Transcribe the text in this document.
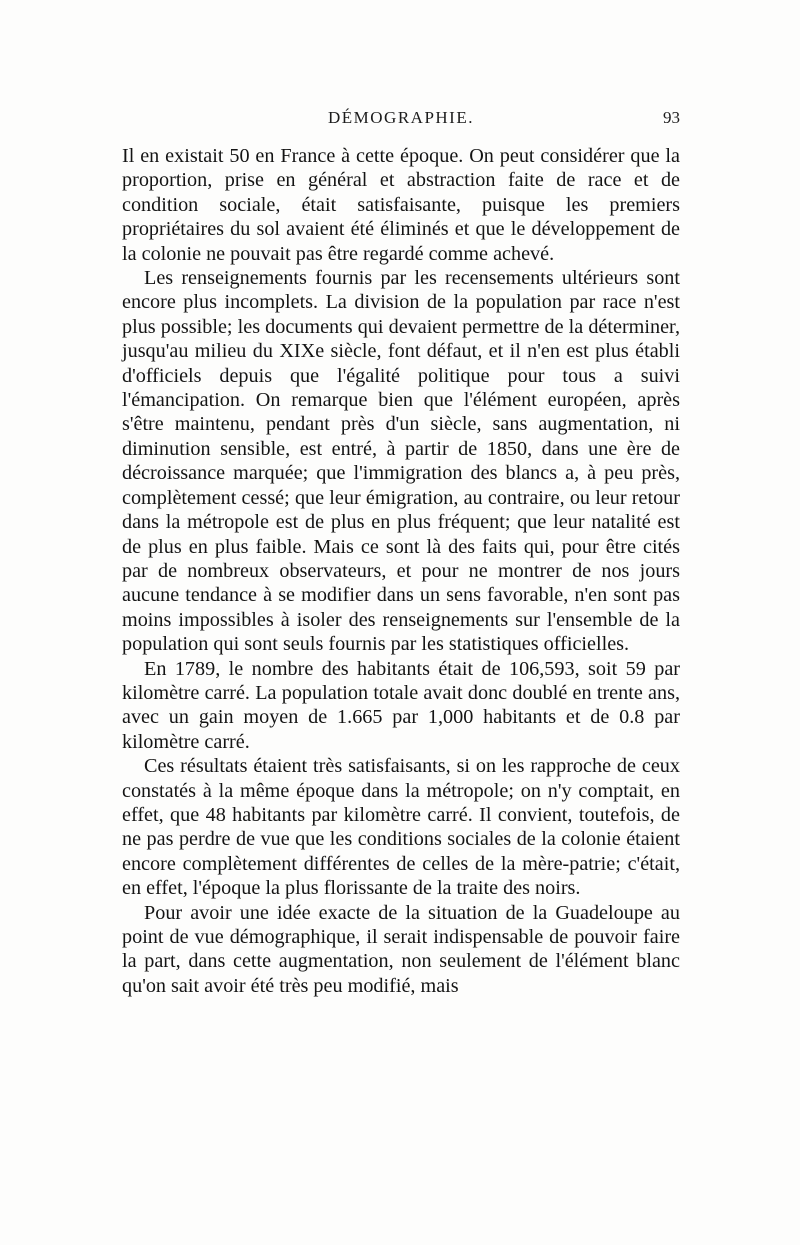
DÉMOGRAPHIE.	93

Il en existait 50 en France à cette époque. On peut considérer que la proportion, prise en général et abstraction faite de race et de condition sociale, était satisfaisante, puisque les premiers propriétaires du sol avaient été éliminés et que le développement de la colonie ne pouvait pas être regardé comme achevé.

Les renseignements fournis par les recensements ultérieurs sont encore plus incomplets. La division de la population par race n'est plus possible; les documents qui devaient permettre de la déterminer, jusqu'au milieu du XIXe siècle, font défaut, et il n'en est plus établi d'officiels depuis que l'égalité politique pour tous a suivi l'émancipation. On remarque bien que l'élément européen, après s'être maintenu, pendant près d'un siècle, sans augmentation, ni diminution sensible, est entré, à partir de 1850, dans une ère de décroissance marquée; que l'immigration des blancs a, à peu près, complètement cessé; que leur émigration, au contraire, ou leur retour dans la métropole est de plus en plus fréquent; que leur natalité est de plus en plus faible. Mais ce sont là des faits qui, pour être cités par de nombreux observateurs, et pour ne montrer de nos jours aucune tendance à se modifier dans un sens favorable, n'en sont pas moins impossibles à isoler des renseignements sur l'ensemble de la population qui sont seuls fournis par les statistiques officielles.

En 1789, le nombre des habitants était de 106,593, soit 59 par kilomètre carré. La population totale avait donc doublé en trente ans, avec un gain moyen de 1.665 par 1,000 habitants et de 0.8 par kilomètre carré.

Ces résultats étaient très satisfaisants, si on les rapproche de ceux constatés à la même époque dans la métropole; on n'y comptait, en effet, que 48 habitants par kilomètre carré. Il convient, toutefois, de ne pas perdre de vue que les conditions sociales de la colonie étaient encore complètement différentes de celles de la mère-patrie; c'était, en effet, l'époque la plus florissante de la traite des noirs.

Pour avoir une idée exacte de la situation de la Guadeloupe au point de vue démographique, il serait indispensable de pouvoir faire la part, dans cette augmentation, non seulement de l'élément blanc qu'on sait avoir été très peu modifié, mais
